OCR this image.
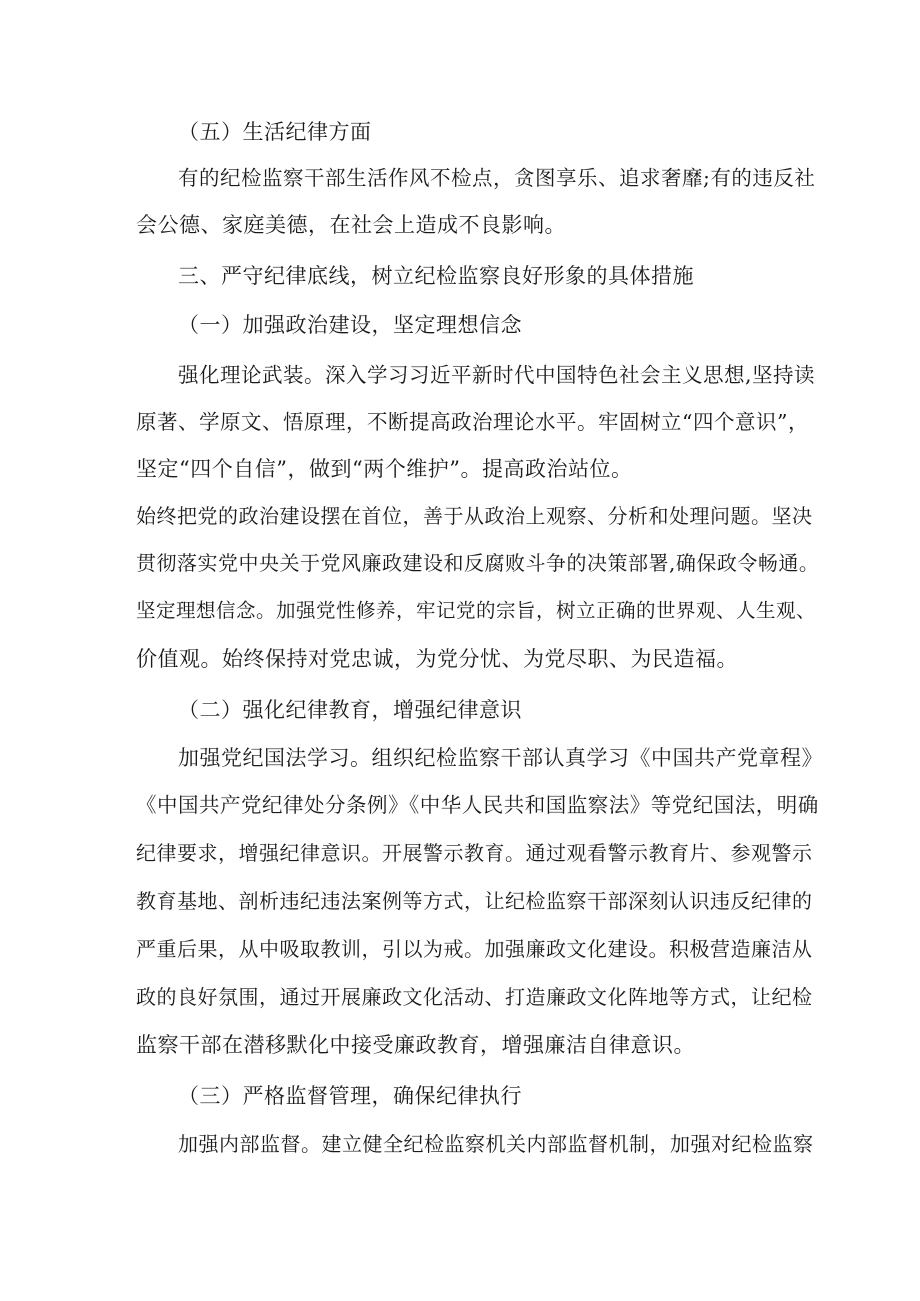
（五）生活纪律方面
有的纪检监察干部生活作风不检点，贪图享乐、追求奢靡;有的违反社
会公德、家庭美德，在社会上造成不良影响。
三、严守纪律底线，树立纪检监察良好形象的具体措施
（一）加强政治建设，坚定理想信念
强化理论武装。深入学习习近平新时代中国特色社会主义思想,坚持读
原著、学原文、悟原理，不断提高政治理论水平。牢固树立“四个意识”，
坚定“四个自信”，做到“两个维护”。提高政治站位。
始终把党的政治建设摆在首位，善于从政治上观察、分析和处理问题。坚决
贯彻落实党中央关于党风廉政建设和反腐败斗争的决策部署,确保政令畅通。
坚定理想信念。加强党性修养，牢记党的宗旨，树立正确的世界观、人生观、
价值观。始终保持对党忠诚，为党分忧、为党尽职、为民造福。
（二）强化纪律教育，增强纪律意识
加强党纪国法学习。组织纪检监察干部认真学习《中国共产党章程》
《中国共产党纪律处分条例》《中华人民共和国监察法》等党纪国法，明确
纪律要求，增强纪律意识。开展警示教育。通过观看警示教育片、参观警示
教育基地、剖析违纪违法案例等方式，让纪检监察干部深刻认识违反纪律的
严重后果，从中吸取教训，引以为戒。加强廉政文化建设。积极营造廉洁从
政的良好氛围，通过开展廉政文化活动、打造廉政文化阵地等方式，让纪检
监察干部在潜移默化中接受廉政教育，增强廉洁自律意识。
（三）严格监督管理，确保纪律执行
加强内部监督。建立健全纪检监察机关内部监督机制，加强对纪检监察
